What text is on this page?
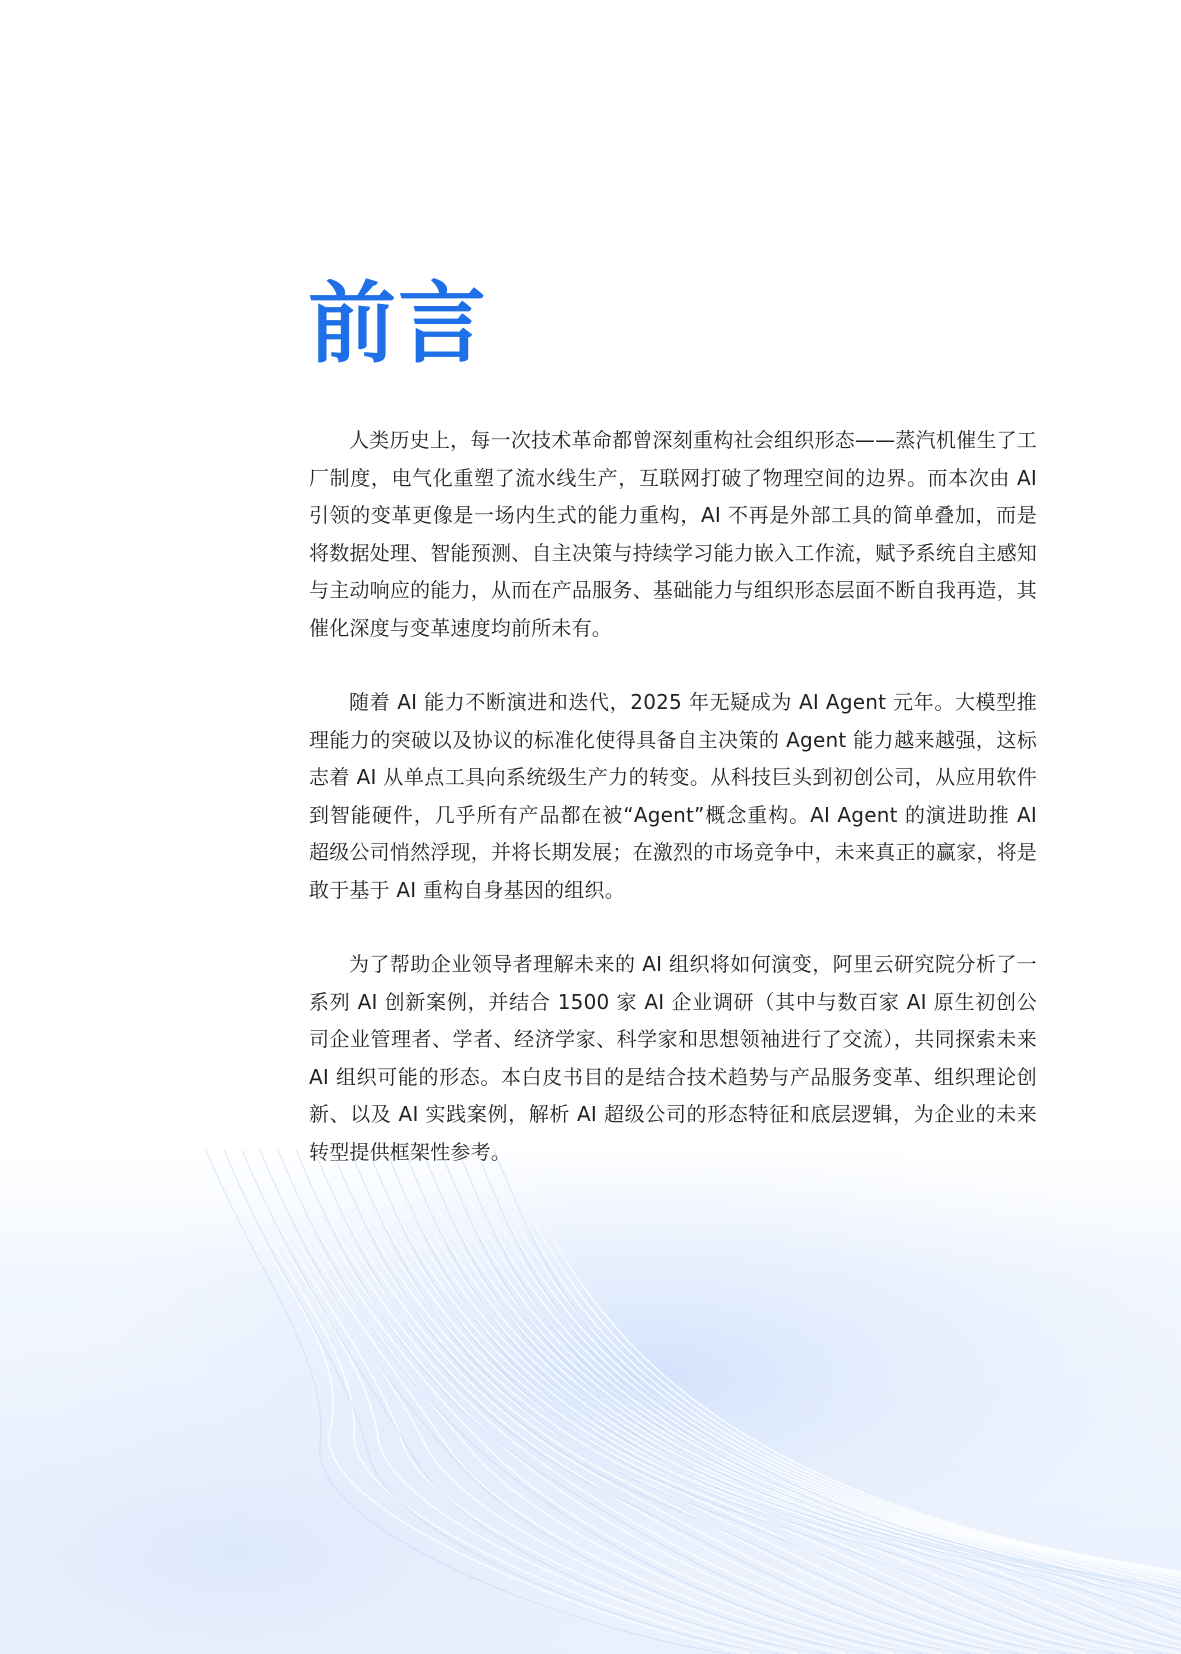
前言

人类历史上，每一次技术革命都曾深刻重构社会组织形态——蒸汽机催生了工厂制度，电气化重塑了流水线生产，互联网打破了物理空间的边界。而本次由 AI 引领的变革更像是一场内生式的能力重构，AI 不再是外部工具的简单叠加，而是将数据处理、智能预测、自主决策与持续学习能力嵌入工作流，赋予系统自主感知与主动响应的能力，从而在产品服务、基础能力与组织形态层面不断自我再造，其催化深度与变革速度均前所未有。

随着 AI 能力不断演进和迭代，2025 年无疑成为 AI Agent 元年。大模型推理能力的突破以及协议的标准化使得具备自主决策的 Agent 能力越来越强，这标志着 AI 从单点工具向系统级生产力的转变。从科技巨头到初创公司，从应用软件到智能硬件，几乎所有产品都在被“Agent”概念重构。AI Agent 的演进助推 AI 超级公司悄然浮现，并将长期发展；在激烈的市场竞争中，未来真正的赢家，将是敢于基于 AI 重构自身基因的组织。

为了帮助企业领导者理解未来的 AI 组织将如何演变，阿里云研究院分析了一系列 AI 创新案例，并结合 1500 家 AI 企业调研（其中与数百家 AI 原生初创公司企业管理者、学者、经济学家、科学家和思想领袖进行了交流），共同探索未来 AI 组织可能的形态。本白皮书目的是结合技术趋势与产品服务变革、组织理论创新、以及 AI 实践案例，解析 AI 超级公司的形态特征和底层逻辑，为企业的未来转型提供框架性参考。
